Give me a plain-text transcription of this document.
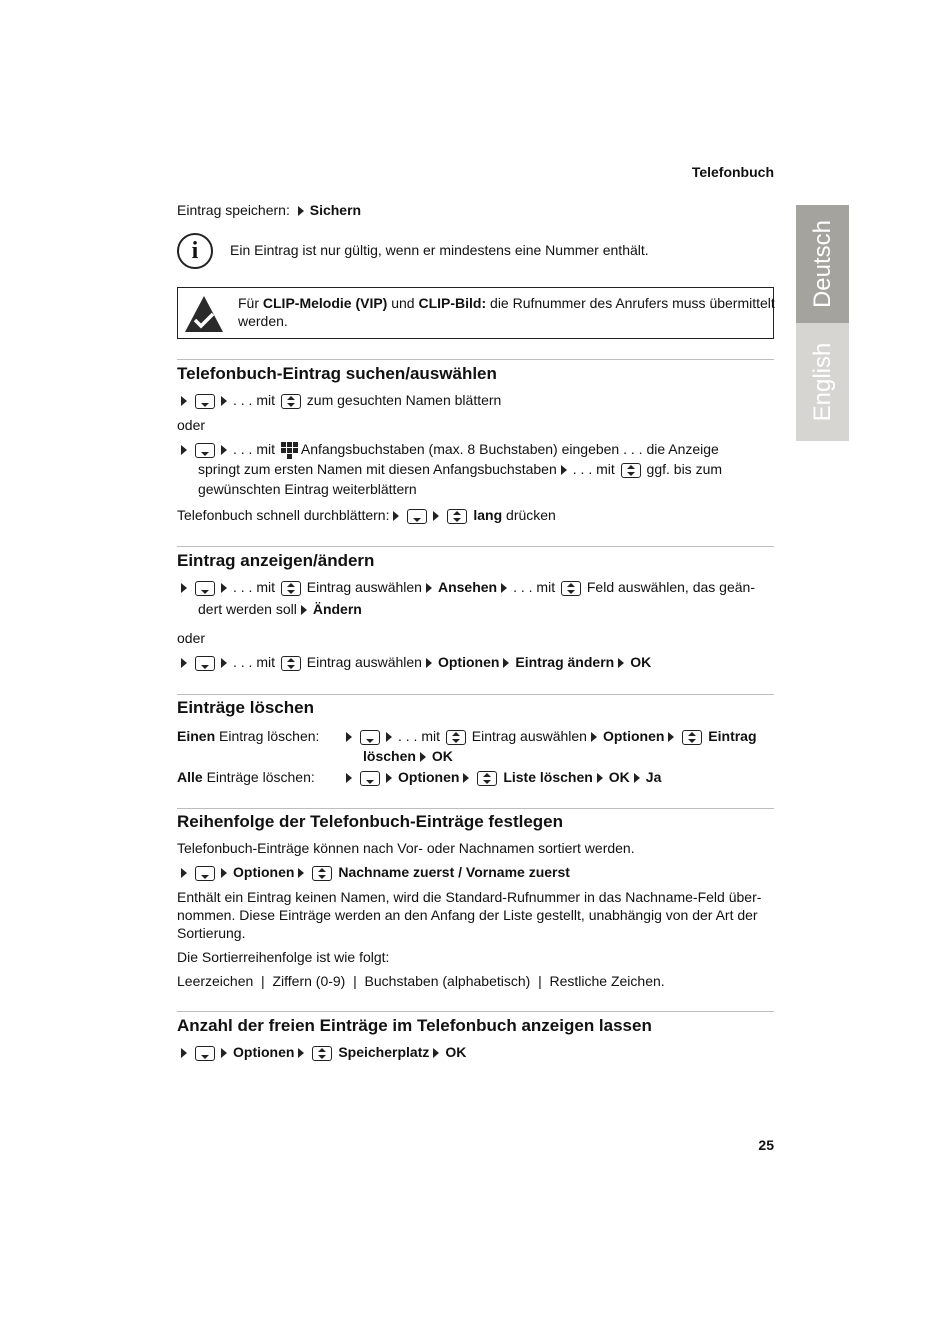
Telefonbuch
Deutsch
English
Eintrag speichern: Sichern
i	Ein Eintrag ist nur gültig, wenn er mindestens eine Nummer enthält.
Für CLIP-Melodie (VIP) und CLIP-Bild: die Rufnummer des Anrufers muss übermittelt
werden.
Telefonbuch-Eintrag suchen/auswählen
. . . mit zum gesuchten Namen blättern
oder
. . . mit Anfangsbuchstaben (max. 8 Buchstaben) eingeben . . . die Anzeige
springt zum ersten Namen mit diesen Anfangsbuchstaben . . . mit ggf. bis zum
gewünschten Eintrag weiterblättern
Telefonbuch schnell durchblättern:	lang drücken
Eintrag anzeigen/ändern
. . . mit Eintrag auswählen Ansehen . . . mit Feld auswählen, das geän-
dert werden soll Ändern
oder
. . . mit Eintrag auswählen Optionen Eintrag ändern OK
Einträge löschen
Einen Eintrag löschen:	. . . mit Eintrag auswählen Optionen	Eintrag
löschen OK
Alle Einträge löschen:	Optionen	Liste löschen OK Ja
Reihenfolge der Telefonbuch-Einträge festlegen
Telefonbuch-Einträge können nach Vor- oder Nachnamen sortiert werden.
Optionen	Nachname zuerst / Vorname zuerst
Enthält ein Eintrag keinen Namen, wird die Standard-Rufnummer in das Nachname-Feld über-
nommen. Diese Einträge werden an den Anfang der Liste gestellt, unabhängig von der Art der
Sortierung.
Die Sortierreihenfolge ist wie folgt:
Leerzeichen  |  Ziffern (0-9)  |  Buchstaben (alphabetisch)  |  Restliche Zeichen.
Anzahl der freien Einträge im Telefonbuch anzeigen lassen
Optionen	Speicherplatz OK
25
